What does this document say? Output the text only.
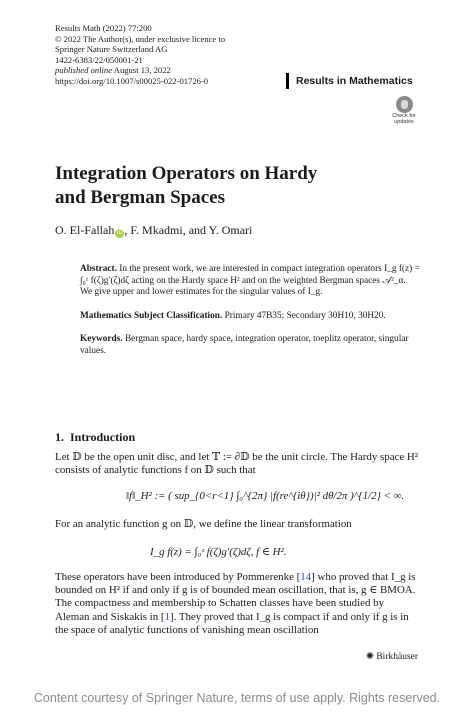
Results Math (2022) 77:200
© 2022 The Author(s), under exclusive licence to
Springer Nature Switzerland AG
1422-6383/22/050001-21
published online August 13, 2022
https://doi.org/10.1007/s00025-022-01726-0	Results in Mathematics
Check for
updates
Integration Operators on Hardy
and Bergman Spaces
O. El-Fallah iD , F. Mkadmi, and Y. Omari

Abstract. In the present work, we are interested in compact integration operators I_g f(z) = ∫₀ᶻ f(ζ)g′(ζ)dζ acting on the Hardy space H² and on the weighted Bergman spaces 𝒜²_α. We give upper and lower estimates for the singular values of I_g.

Mathematics Subject Classification. Primary 47B35; Secondary 30H10, 30H20.

Keywords. Bergman space, hardy space, integration operator, toeplitz operator, singular values.

1. Introduction
Let 𝔻 be the open unit disc, and let 𝕋 := ∂𝔻 be the unit circle. The Hardy space H² consists of analytic functions f on 𝔻 such that
‖f‖_H² := ( sup_{0<r<1} ∫₀^{2π} |f(re^{iθ})|² dθ/2π )^{1/2} < ∞.
For an analytic function g on 𝔻, we define the linear transformation
I_g f(z) = ∫₀ᶻ f(ζ)g′(ζ)dζ, f ∈ H².
These operators have been introduced by Pommerenke [14] who proved that I_g is bounded on H² if and only if g is of bounded mean oscillation, that is, g ∈ BMOA. The compactness and membership to Schatten classes have been studied by Aleman and Siskakis in [1]. They proved that I_g is compact if and only if g is in the space of analytic functions of vanishing mean oscillation
✺ Birkhäuser
Content courtesy of Springer Nature, terms of use apply. Rights reserved.
